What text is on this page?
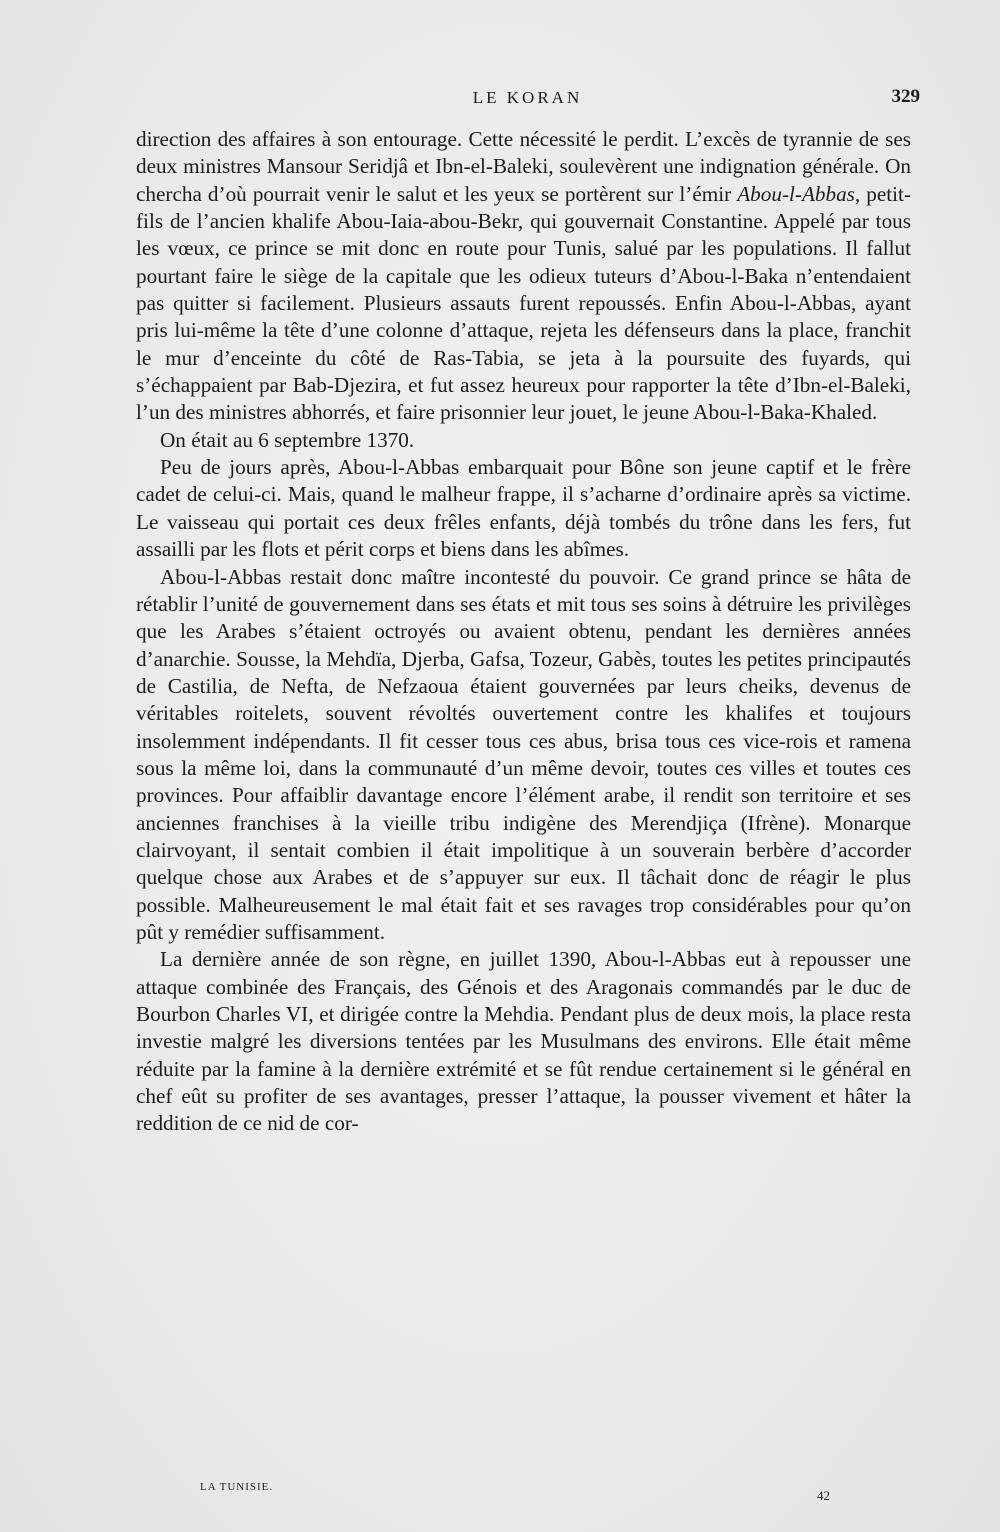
LE KORAN	329

direction des affaires à son entourage. Cette nécessité le perdit. L’excès de tyrannie de ses deux ministres Mansour Seridjâ et Ibn-el-Baleki, soulevèrent une indignation générale. On chercha d’où pourrait venir le salut et les yeux se portèrent sur l’émir Abou-l-Abbas, petit-fils de l’ancien khalife Abou-Iaia-abou-Bekr, qui gouvernait Constantine. Appelé par tous les vœux, ce prince se mit donc en route pour Tunis, salué par les populations. Il fallut pourtant faire le siège de la capitale que les odieux tuteurs d’Abou-l-Baka n’entendaient pas quitter si facilement. Plusieurs assauts furent repoussés. Enfin Abou-l-Abbas, ayant pris lui-même la tête d’une colonne d’attaque, rejeta les défenseurs dans la place, franchit le mur d’enceinte du côté de Ras-Tabia, se jeta à la poursuite des fuyards, qui s’échappaient par Bab-Djezira, et fut assez heureux pour rapporter la tête d’Ibn-el-Baleki, l’un des ministres abhorrés, et faire prisonnier leur jouet, le jeune Abou-l-Baka-Khaled.

On était au 6 septembre 1370.

Peu de jours après, Abou-l-Abbas embarquait pour Bône son jeune captif et le frère cadet de celui-ci. Mais, quand le malheur frappe, il s’acharne d’ordinaire après sa victime. Le vaisseau qui portait ces deux frêles enfants, déjà tombés du trône dans les fers, fut assailli par les flots et périt corps et biens dans les abîmes.

Abou-l-Abbas restait donc maître incontesté du pouvoir. Ce grand prince se hâta de rétablir l’unité de gouvernement dans ses états et mit tous ses soins à détruire les privilèges que les Arabes s’étaient octroyés ou avaient obtenu, pendant les dernières années d’anarchie. Sousse, la Mehdïa, Djerba, Gafsa, Tozeur, Gabès, toutes les petites principautés de Castilia, de Nefta, de Nefzaoua étaient gouvernées par leurs cheiks, devenus de véritables roitelets, souvent révoltés ouvertement contre les khalifes et toujours insolemment indépendants. Il fit cesser tous ces abus, brisa tous ces vice-rois et ramena sous la même loi, dans la communauté d’un même devoir, toutes ces villes et toutes ces provinces. Pour affaiblir davantage encore l’élément arabe, il rendit son territoire et ses anciennes franchises à la vieille tribu indigène des Merendjiça (Ifrène). Monarque clairvoyant, il sentait combien il était impolitique à un souverain berbère d’accorder quelque chose aux Arabes et de s’appuyer sur eux. Il tâchait donc de réagir le plus possible. Malheureusement le mal était fait et ses ravages trop considérables pour qu’on pût y remédier suffisamment.

La dernière année de son règne, en juillet 1390, Abou-l-Abbas eut à repousser une attaque combinée des Français, des Génois et des Aragonais commandés par le duc de Bourbon Charles VI, et dirigée contre la Mehdia. Pendant plus de deux mois, la place resta investie malgré les diversions tentées par les Musulmans des environs. Elle était même réduite par la famine à la dernière extrémité et se fût rendue certainement si le général en chef eût su profiter de ses avantages, presser l’attaque, la pousser vivement et hâter la reddition de ce nid de cor-

LA TUNISIE.
42
